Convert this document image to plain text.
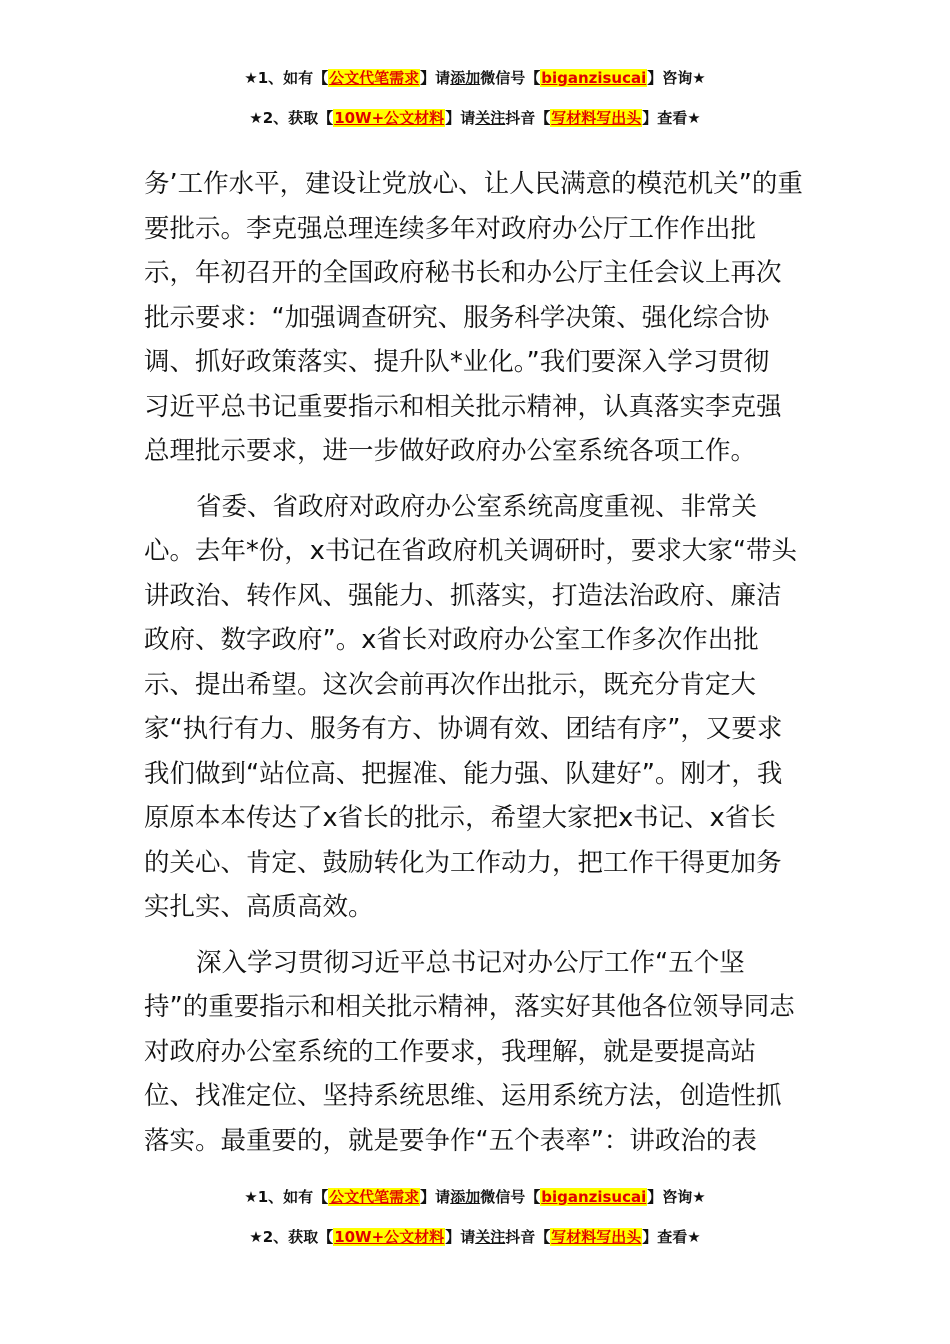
★1、如有【公文代笔需求】请添加微信号【biganzisucai】咨询★
★2、获取【10W+公文材料】请关注抖音【写材料写出头】查看★
务’工作水平，建设让党放心、让人民满意的模范机关”的重
要批示。李克强总理连续多年对政府办公厅工作作出批
示，年初召开的全国政府秘书长和办公厅主任会议上再次
批示要求：“加强调查研究、服务科学决策、强化综合协
调、抓好政策落实、提升队*业化。”我们要深入学习贯彻
习近平总书记重要指示和相关批示精神，认真落实李克强
总理批示要求，进一步做好政府办公室系统各项工作。
省委、省政府对政府办公室系统高度重视、非常关
心。去年*份，x书记在省政府机关调研时，要求大家“带头
讲政治、转作风、强能力、抓落实，打造法治政府、廉洁
政府、数字政府”。x省长对政府办公室工作多次作出批
示、提出希望。这次会前再次作出批示，既充分肯定大
家“执行有力、服务有方、协调有效、团结有序”，又要求
我们做到“站位高、把握准、能力强、队建好”。刚才，我
原原本本传达了x省长的批示，希望大家把x书记、x省长
的关心、肯定、鼓励转化为工作动力，把工作干得更加务
实扎实、高质高效。
深入学习贯彻习近平总书记对办公厅工作“五个坚
持”的重要指示和相关批示精神，落实好其他各位领导同志
对政府办公室系统的工作要求，我理解，就是要提高站
位、找准定位、坚持系统思维、运用系统方法，创造性抓
落实。最重要的，就是要争作“五个表率”：讲政治的表
★1、如有【公文代笔需求】请添加微信号【biganzisucai】咨询★
★2、获取【10W+公文材料】请关注抖音【写材料写出头】查看★
